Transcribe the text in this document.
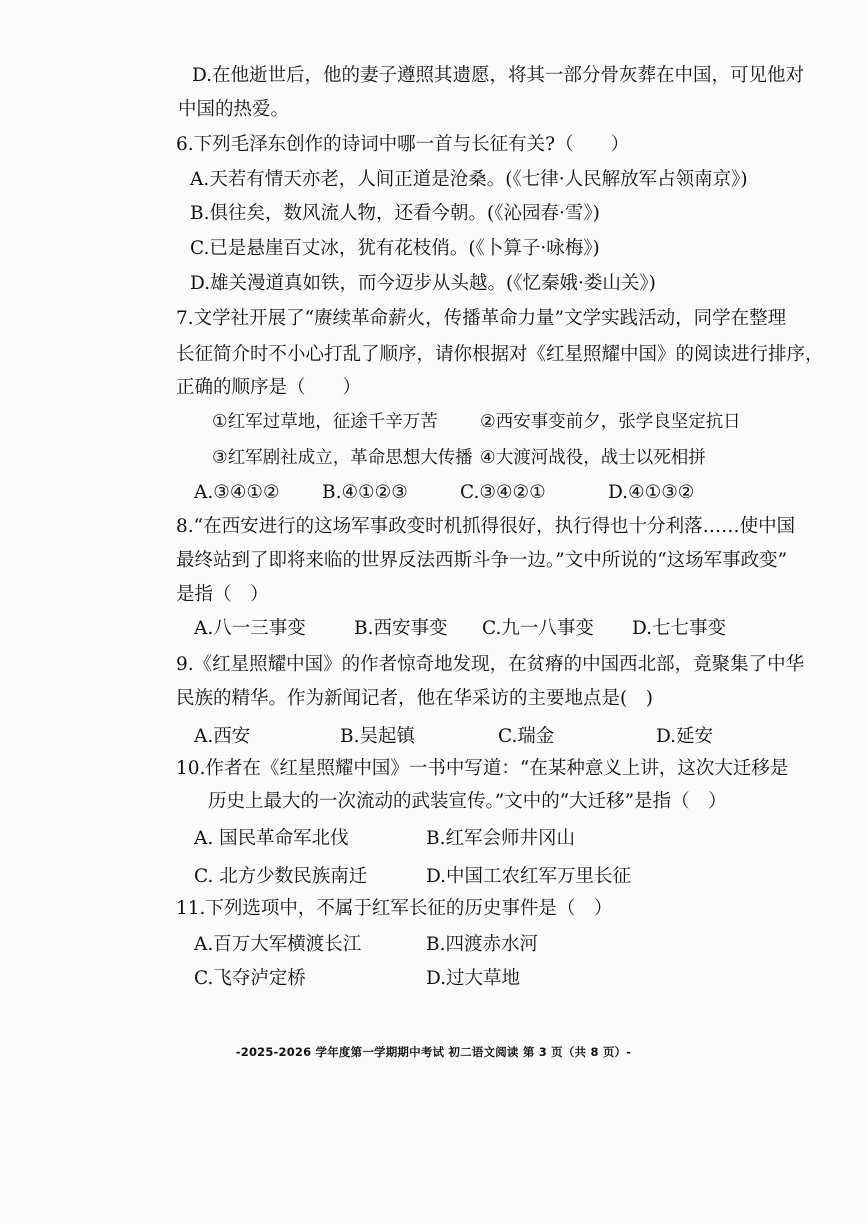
D.在他逝世后，他的妻子遵照其遗愿，将其一部分骨灰葬在中国，可见他对
中国的热爱。
6.下列毛泽东创作的诗词中哪一首与长征有关?（　　）
A.天若有情天亦老，人间正道是沧桑。(《七律·人民解放军占领南京》)
B.俱往矣，数风流人物，还看今朝。(《沁园春·雪》)
C.已是悬崖百丈冰，犹有花枝俏。(《卜算子·咏梅》)
D.雄关漫道真如铁，而今迈步从头越。(《忆秦娥·娄山关》)
7.文学社开展了“赓续革命薪火，传播革命力量”文学实践活动，同学在整理
长征简介时不小心打乱了顺序，请你根据对《红星照耀中国》的阅读进行排序，
正确的顺序是（　　）
①红军过草地，征途千辛万苦 ②西安事变前夕，张学良坚定抗日
③红军剧社成立，革命思想大传播 ④大渡河战役，战士以死相拼
A.③④①② B.④①②③	C.③④②①	D.④①③②
8.“在西安进行的这场军事政变时机抓得很好，执行得也十分利落……使中国
最终站到了即将来临的世界反法西斯斗争一边。”文中所说的“这场军事政变”
是指（　）
A.八一三事变	B.西安事变 C.九一八事变 D.七七事变
9.《红星照耀中国》的作者惊奇地发现，在贫瘠的中国西北部，竟聚集了中华
民族的精华。作为新闻记者，他在华采访的主要地点是(　)
A.西安	B.吴起镇	C.瑞金	D.延安
10.作者在《红星照耀中国》一书中写道：“在某种意义上讲，这次大迁移是
历史上最大的一次流动的武装宣传。”文中的“大迁移”是指（　）
A. 国民革命军北伐	B.红军会师井冈山
C. 北方少数民族南迁	D.中国工农红军万里长征
11.下列选项中，不属于红军长征的历史事件是（　）
A.百万大军横渡长江	B.四渡赤水河
C.飞夺泸定桥	D.过大草地
-2025-2026 学年度第一学期期中考试 初二语文阅读 第 3 页（共 8 页）-
